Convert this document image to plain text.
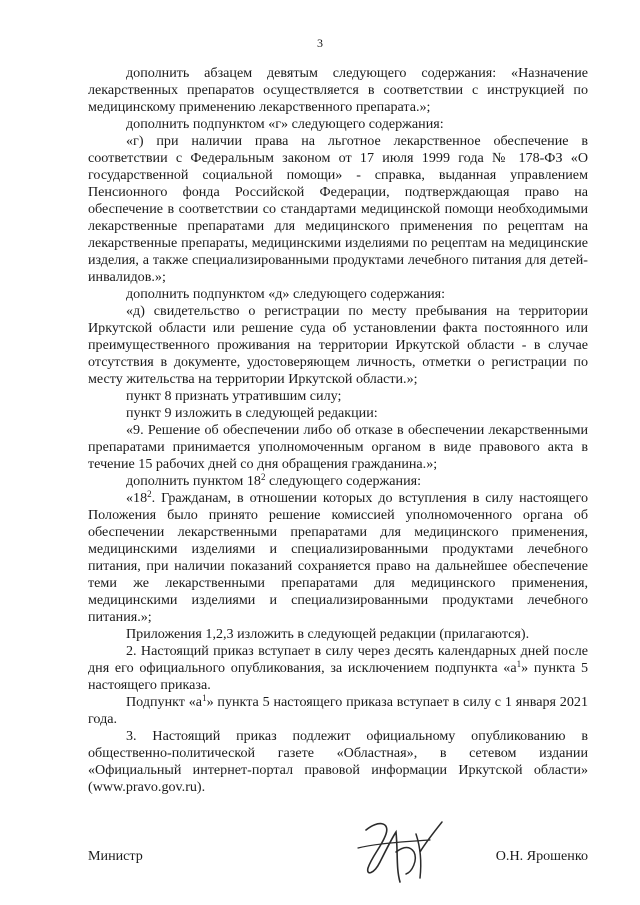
3

дополнить абзацем девятым следующего содержания: «Назначение лекарственных препаратов осуществляется в соответствии с инструкцией по медицинскому применению лекарственного препарата.»;

дополнить подпунктом «г» следующего содержания:

«г) при наличии права на льготное лекарственное обеспечение в соответствии с Федеральным законом от 17 июля 1999 года № 178-ФЗ «О государственной социальной помощи» - справка, выданная управлением Пенсионного фонда Российской Федерации, подтверждающая право на обеспечение в соответствии со стандартами медицинской помощи необходимыми лекарственные препаратами для медицинского применения по рецептам на лекарственные препараты, медицинскими изделиями по рецептам на медицинские изделия, а также специализированными продуктами лечебного питания для детей-инвалидов.»;

дополнить подпунктом «д» следующего содержания:

«д) свидетельство о регистрации по месту пребывания на территории Иркутской области или решение суда об установлении факта постоянного или преимущественного проживания на территории Иркутской области - в случае отсутствия в документе, удостоверяющем личность, отметки о регистрации по месту жительства на территории Иркутской области.»;

пункт 8 признать утратившим силу;

пункт 9 изложить в следующей редакции:

«9. Решение об обеспечении либо об отказе в обеспечении лекарственными препаратами принимается уполномоченным органом в виде правового акта в течение 15 рабочих дней со дня обращения гражданина.»;

дополнить пунктом $18^2$ следующего содержания:

«$18^2$. Гражданам, в отношении которых до вступления в силу настоящего Положения было принято решение комиссией уполномоченного органа об обеспечении лекарственными препаратами для медицинского применения, медицинскими изделиями и специализированными продуктами лечебного питания, при наличии показаний сохраняется право на дальнейшее обеспечение теми же лекарственными препаратами для медицинского применения, медицинскими изделиями и специализированными продуктами лечебного питания.»;

Приложения 1,2,3 изложить в следующей редакции (прилагаются).

2. Настоящий приказ вступает в силу через десять календарных дней после дня его официального опубликования, за исключением подпункта «$а^1$» пункта 5 настоящего приказа.

Подпункт «$а^1$» пункта 5 настоящего приказа вступает в силу с 1 января 2021 года.

3. Настоящий приказ подлежит официальному опубликованию в общественно-политической газете «Областная», в сетевом издании «Официальный интернет-портал правовой информации Иркутской области» (www.pravo.gov.ru).

Министр	О.Н. Ярошенко
